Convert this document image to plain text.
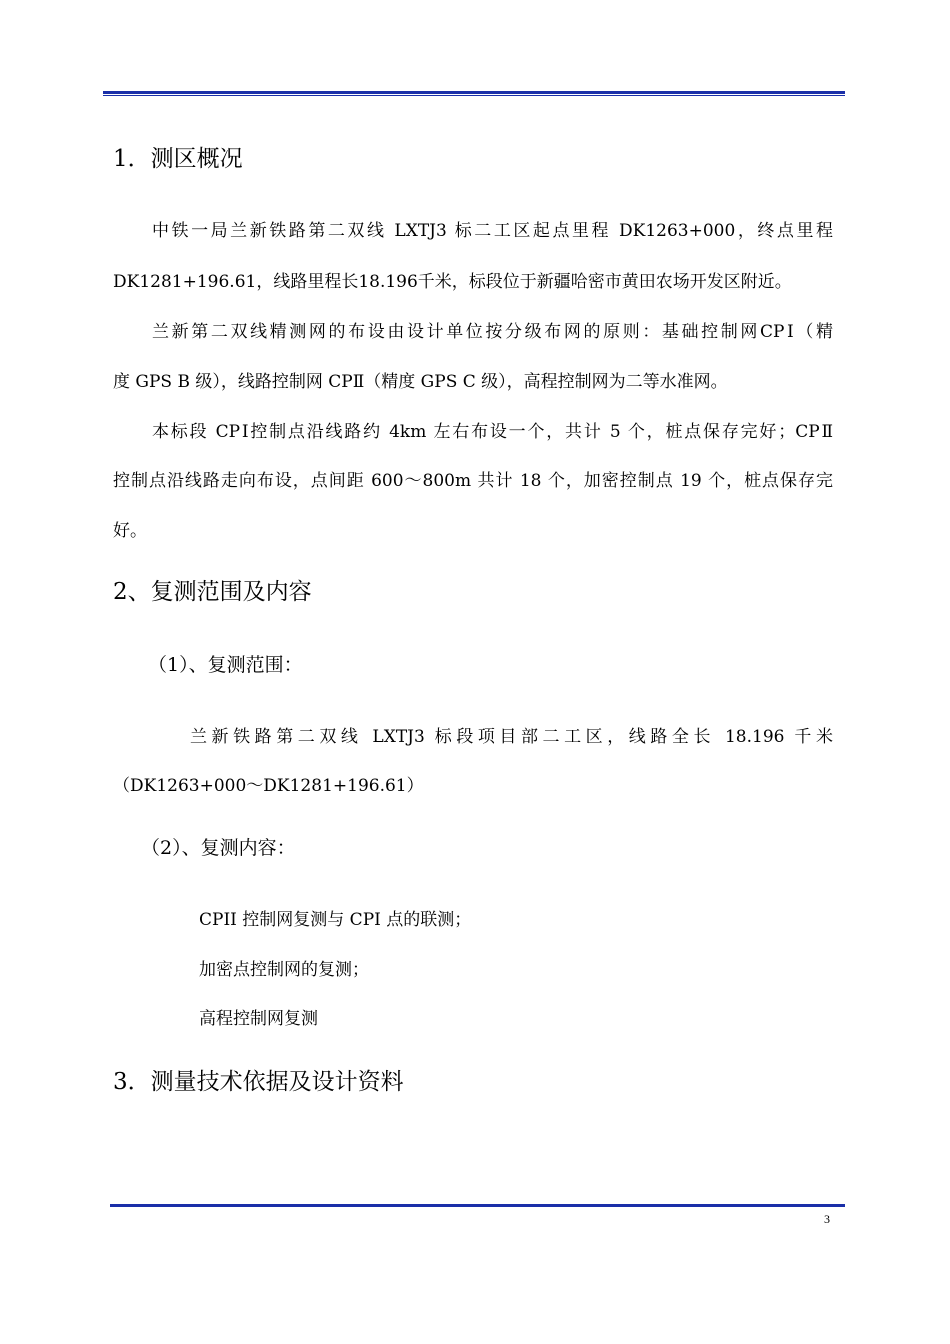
1．测区概况

中铁一局兰新铁路第二双线 LXTJ3 标二工区起点里程 DK1263+000，终点里程

DK1281+196.61，线路里程长18.196千米，标段位于新疆哈密市黄田农场开发区附近。

兰新第二双线精测网的布设由设计单位按分级布网的原则：基础控制网CPⅠ（精

度 GPS B 级），线路控制网 CPⅡ（精度 GPS C 级），高程控制网为二等水准网。

本标段 CPⅠ控制点沿线路约 4km 左右布设一个，共计 5 个，桩点保存完好；CPⅡ

控制点沿线路走向布设，点间距 600～800m 共计 18 个，加密控制点 19 个，桩点保存完

好。

2、复测范围及内容

（1）、复测范围：

兰新铁路第二双线 LXTJ3 标段项目部二工区，线路全长 18.196 千米

（DK1263+000～DK1281+196.61）

（2）、复测内容：

CPII 控制网复测与 CPI 点的联测；

加密点控制网的复测；

高程控制网复测

3．测量技术依据及设计资料

3
